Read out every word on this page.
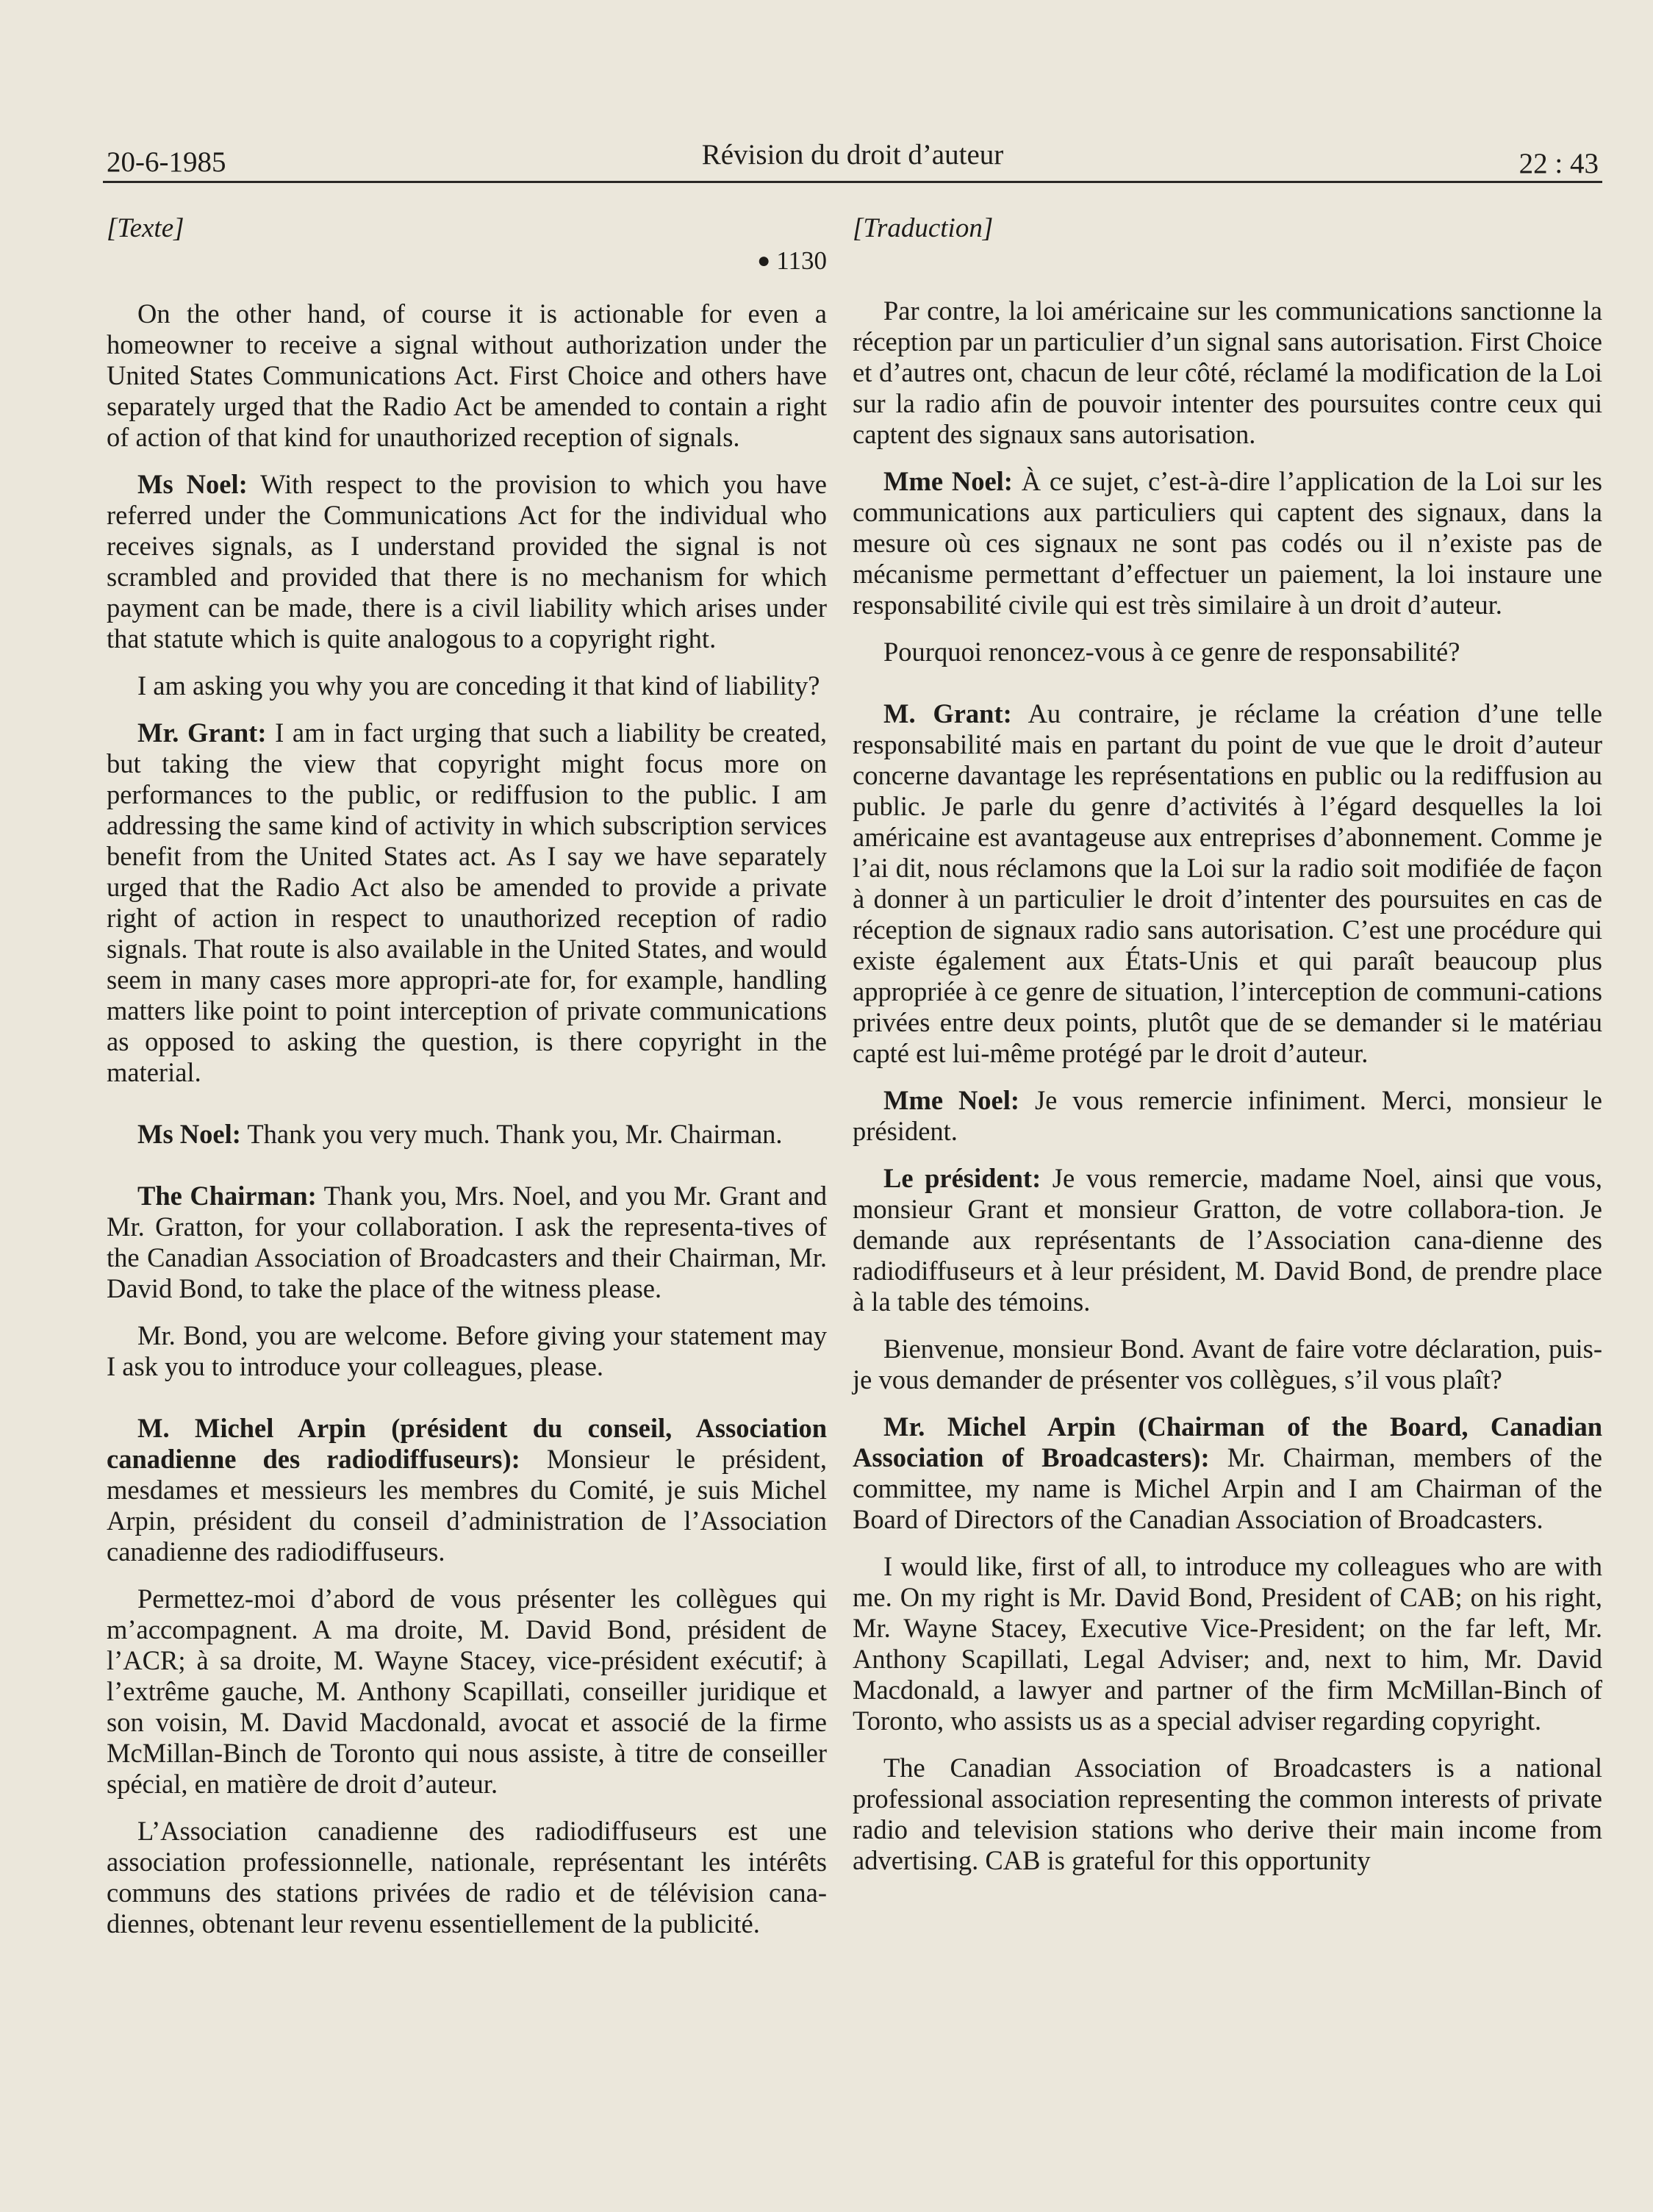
20-6-1985	Révision du droit d’auteur	22 : 43
[Texte]
● 1130

On the other hand, of course it is actionable for even a homeowner to receive a signal without authorization under the United States Communications Act. First Choice and others have separately urged that the Radio Act be amended to contain a right of action of that kind for unauthorized reception of signals.

Ms Noel: With respect to the provision to which you have referred under the Communications Act for the individual who receives signals, as I understand provided the signal is not scrambled and provided that there is no mechanism for which payment can be made, there is a civil liability which arises under that statute which is quite analogous to a copyright right.

I am asking you why you are conceding it that kind of liability?

Mr. Grant: I am in fact urging that such a liability be created, but taking the view that copyright might focus more on performances to the public, or rediffusion to the public. I am addressing the same kind of activity in which subscription services benefit from the United States act. As I say we have separately urged that the Radio Act also be amended to provide a private right of action in respect to unauthorized reception of radio signals. That route is also available in the United States, and would seem in many cases more appropri-ate for, for example, handling matters like point to point interception of private communications as opposed to asking the question, is there copyright in the material.

Ms Noel: Thank you very much. Thank you, Mr. Chairman.

The Chairman: Thank you, Mrs. Noel, and you Mr. Grant and Mr. Gratton, for your collaboration. I ask the representa-tives of the Canadian Association of Broadcasters and their Chairman, Mr. David Bond, to take the place of the witness please.

Mr. Bond, you are welcome. Before giving your statement may I ask you to introduce your colleagues, please.

M. Michel Arpin (président du conseil, Association canadienne des radiodiffuseurs): Monsieur le président, mesdames et messieurs les membres du Comité, je suis Michel Arpin, président du conseil d’administration de l’Association canadienne des radiodiffuseurs.

Permettez-moi d’abord de vous présenter les collègues qui m’accompagnent. A ma droite, M. David Bond, président de l’ACR; à sa droite, M. Wayne Stacey, vice-président exécutif; à l’extrême gauche, M. Anthony Scapillati, conseiller juridique et son voisin, M. David Macdonald, avocat et associé de la firme McMillan-Binch de Toronto qui nous assiste, à titre de conseiller spécial, en matière de droit d’auteur.

L’Association canadienne des radiodiffuseurs est une association professionnelle, nationale, représentant les intérêts communs des stations privées de radio et de télévision cana-diennes, obtenant leur revenu essentiellement de la publicité.

[Traduction]

Par contre, la loi américaine sur les communications sanctionne la réception par un particulier d’un signal sans autorisation. First Choice et d’autres ont, chacun de leur côté, réclamé la modification de la Loi sur la radio afin de pouvoir intenter des poursuites contre ceux qui captent des signaux sans autorisation.

Mme Noel: À ce sujet, c’est-à-dire l’application de la Loi sur les communications aux particuliers qui captent des signaux, dans la mesure où ces signaux ne sont pas codés ou il n’existe pas de mécanisme permettant d’effectuer un paiement, la loi instaure une responsabilité civile qui est très similaire à un droit d’auteur.

Pourquoi renoncez-vous à ce genre de responsabilité?

M. Grant: Au contraire, je réclame la création d’une telle responsabilité mais en partant du point de vue que le droit d’auteur concerne davantage les représentations en public ou la rediffusion au public. Je parle du genre d’activités à l’égard desquelles la loi américaine est avantageuse aux entreprises d’abonnement. Comme je l’ai dit, nous réclamons que la Loi sur la radio soit modifiée de façon à donner à un particulier le droit d’intenter des poursuites en cas de réception de signaux radio sans autorisation. C’est une procédure qui existe également aux États-Unis et qui paraît beaucoup plus appropriée à ce genre de situation, l’interception de communi-cations privées entre deux points, plutôt que de se demander si le matériau capté est lui-même protégé par le droit d’auteur.

Mme Noel: Je vous remercie infiniment. Merci, monsieur le président.

Le président: Je vous remercie, madame Noel, ainsi que vous, monsieur Grant et monsieur Gratton, de votre collabora-tion. Je demande aux représentants de l’Association cana-dienne des radiodiffuseurs et à leur président, M. David Bond, de prendre place à la table des témoins.

Bienvenue, monsieur Bond. Avant de faire votre déclaration, puis-je vous demander de présenter vos collègues, s’il vous plaît?

Mr. Michel Arpin (Chairman of the Board, Canadian Association of Broadcasters): Mr. Chairman, members of the committee, my name is Michel Arpin and I am Chairman of the Board of Directors of the Canadian Association of Broadcasters.

I would like, first of all, to introduce my colleagues who are with me. On my right is Mr. David Bond, President of CAB; on his right, Mr. Wayne Stacey, Executive Vice-President; on the far left, Mr. Anthony Scapillati, Legal Adviser; and, next to him, Mr. David Macdonald, a lawyer and partner of the firm McMillan-Binch of Toronto, who assists us as a special adviser regarding copyright.

The Canadian Association of Broadcasters is a national professional association representing the common interests of private radio and television stations who derive their main income from advertising. CAB is grateful for this opportunity
